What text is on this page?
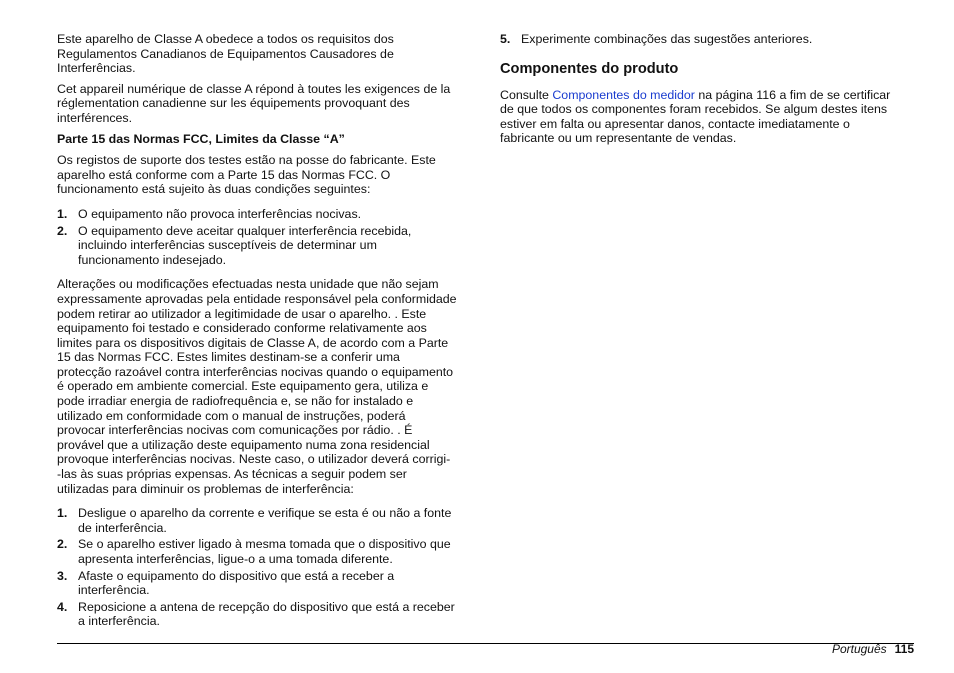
Este aparelho de Classe A obedece a todos os requisitos dos
Regulamentos Canadianos de Equipamentos Causadores de
Interferências.

Cet appareil numérique de classe A répond à toutes les exigences de la
réglementation canadienne sur les équipements provoquant des
interférences.

Parte 15 das Normas FCC, Limites da Classe “A”

Os registos de suporte dos testes estão na posse do fabricante. Este
aparelho está conforme com a Parte 15 das Normas FCC. O
funcionamento está sujeito às duas condições seguintes:

1. O equipamento não provoca interferências nocivas.
2. O equipamento deve aceitar qualquer interferência recebida,
incluindo interferências susceptíveis de determinar um
funcionamento indesejado.

Alterações ou modificações efectuadas nesta unidade que não sejam
expressamente aprovadas pela entidade responsável pela conformidade
podem retirar ao utilizador a legitimidade de usar o aparelho. . Este
equipamento foi testado e considerado conforme relativamente aos
limites para os dispositivos digitais de Classe A, de acordo com a Parte
15 das Normas FCC. Estes limites destinam-se a conferir uma
protecção razoável contra interferências nocivas quando o equipamento
é operado em ambiente comercial. Este equipamento gera, utiliza e
pode irradiar energia de radiofrequência e, se não for instalado e
utilizado em conformidade com o manual de instruções, poderá
provocar interferências nocivas com comunicações por rádio. . É
provável que a utilização deste equipamento numa zona residencial
provoque interferências nocivas. Neste caso, o utilizador deverá corrigi-
-las às suas próprias expensas. As técnicas a seguir podem ser
utilizadas para diminuir os problemas de interferência:

1. Desligue o aparelho da corrente e verifique se esta é ou não a fonte
de interferência.
2. Se o aparelho estiver ligado à mesma tomada que o dispositivo que
apresenta interferências, ligue-o a uma tomada diferente.
3. Afaste o equipamento do dispositivo que está a receber a
interferência.
4. Reposicione a antena de recepção do dispositivo que está a receber
a interferência.
5. Experimente combinações das sugestões anteriores.
Componentes do produto

Consulte Componentes do medidor na página 116 a fim de se certificar
de que todos os componentes foram recebidos. Se algum destes itens
estiver em falta ou apresentar danos, contacte imediatamente o
fabricante ou um representante de vendas.

Português 115
